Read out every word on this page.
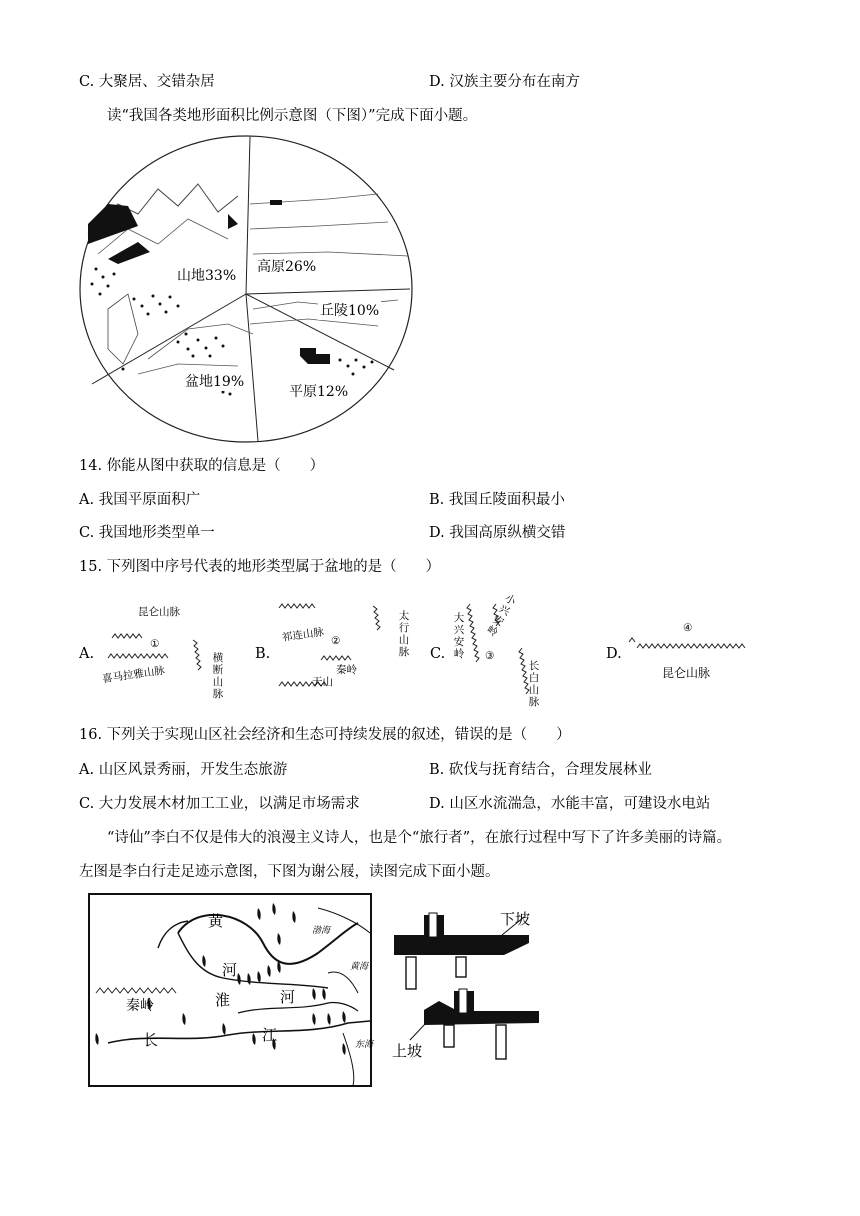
C. 大聚居、交错杂居	D. 汉族主要分布在南方
读“我国各类地形面积比例示意图（下图）”完成下面小题。
山地33%
高原26%
丘陵10%
平原12%
盆地19%
14. 你能从图中获取的信息是（　　）
A. 我国平原面积广	B. 我国丘陵面积最小
C. 我国地形类型单一	D. 我国高原纵横交错
15. 下列图中序号代表的地形类型属于盆地的是（　　）
A.
昆仑山脉
①
喜马拉雅山脉
横断山脉
B.
祁连山脉
太行山脉
②
秦岭
天山
C.
大兴安岭
小兴安岭
③
长白山脉
D.
④
昆仑山脉
16. 下列关于实现山区社会经济和生态可持续发展的叙述，错误的是（　　）
A. 山区风景秀丽，开发生态旅游	B. 砍伐与抚育结合，合理发展林业
C. 大力发展木材加工工业，以满足市场需求	D. 山区水流湍急，水能丰富，可建设水电站
“诗仙”李白不仅是伟大的浪漫主义诗人，也是个“旅行者”，在旅行过程中写下了许多美丽的诗篇。
左图是李白行走足迹示意图，下图为谢公屐，读图完成下面小题。
黄
河
秦岭	淮	河
长	江
渤海
黄海
东海
下坡
上坡
